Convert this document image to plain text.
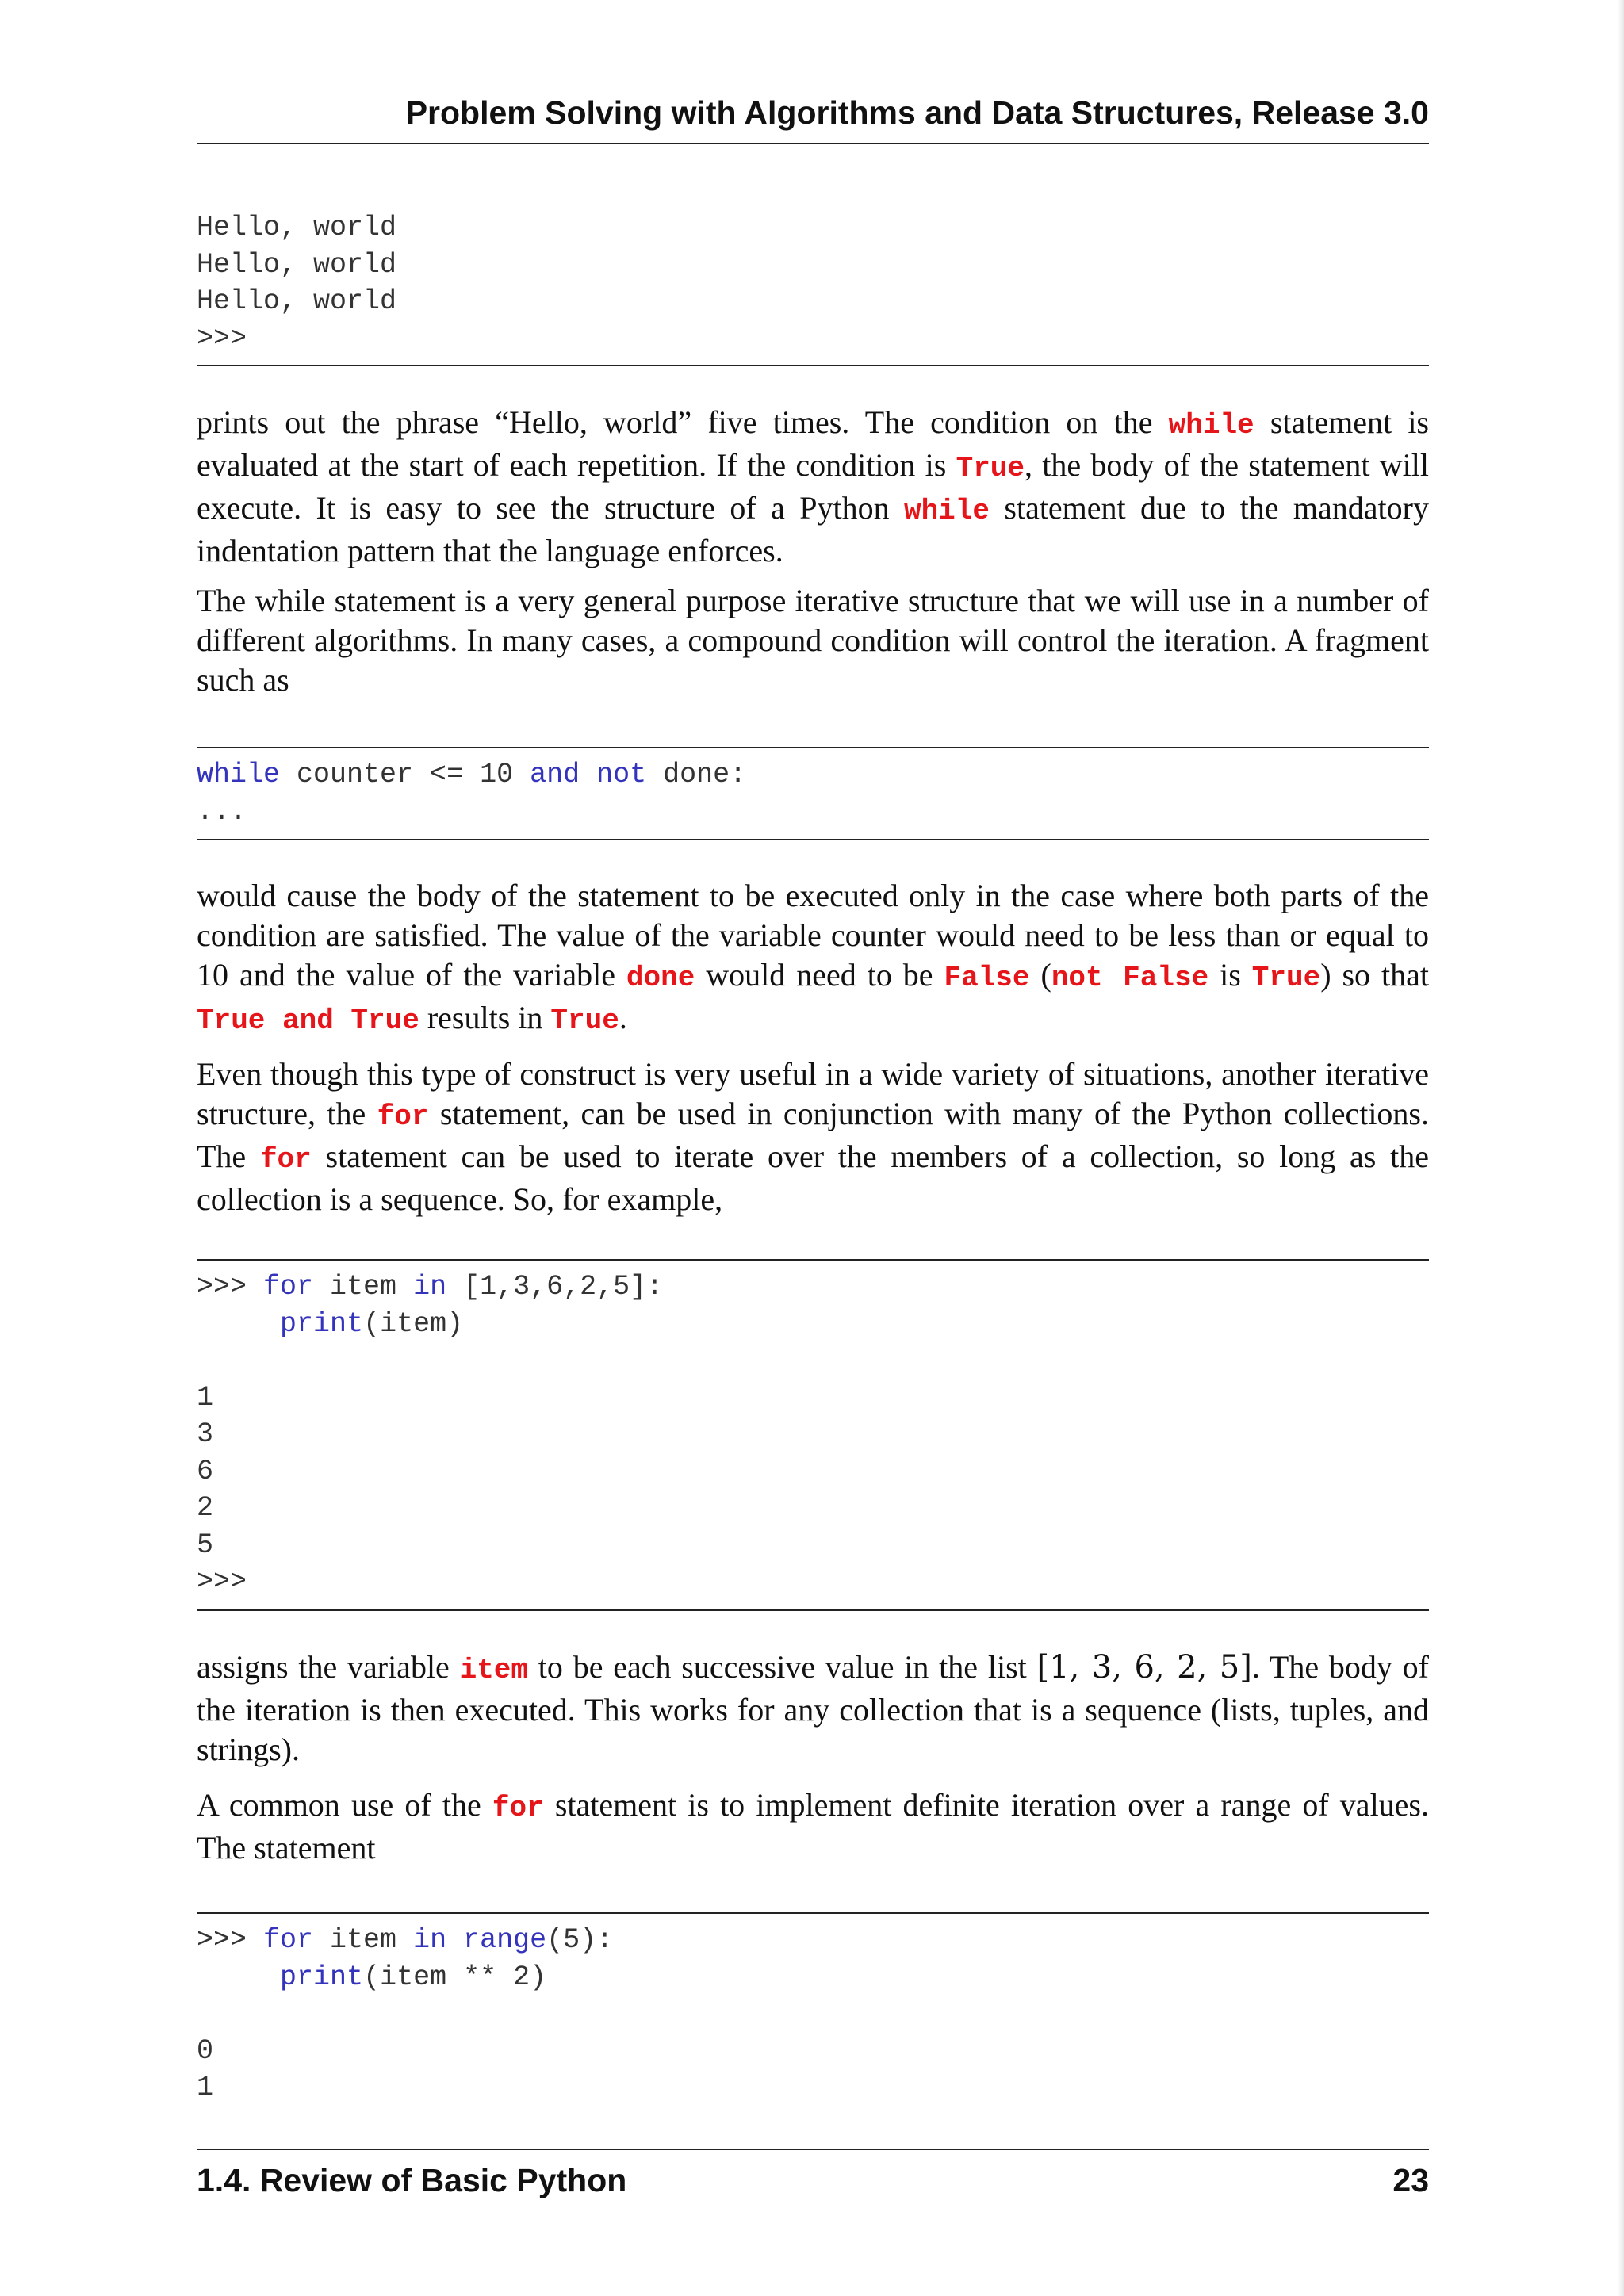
Problem Solving with Algorithms and Data Structures, Release 3.0
Hello, world
Hello, world
Hello, world
>>>

prints out the phrase “Hello, world” five times. The condition on the while statement is evaluated at the start of each repetition. If the condition is True, the body of the statement will execute. It is easy to see the structure of a Python while statement due to the mandatory indentation pattern that the language enforces.

The while statement is a very general purpose iterative structure that we will use in a number of different algorithms. In many cases, a compound condition will control the iteration. A fragment such as

while counter <= 10 and not done:
...

would cause the body of the statement to be executed only in the case where both parts of the condition are satisfied. The value of the variable counter would need to be less than or equal to 10 and the value of the variable done would need to be False (not False is True) so that True and True results in True.

Even though this type of construct is very useful in a wide variety of situations, another iterative structure, the for statement, can be used in conjunction with many of the Python collections. The for statement can be used to iterate over the members of a collection, so long as the collection is a sequence. So, for example,

>>> for item in [1,3,6,2,5]:
print(item)

1
3
6
2
5
>>>

assigns the variable item to be each successive value in the list [1, 3, 6, 2, 5]. The body of the iteration is then executed. This works for any collection that is a sequence (lists, tuples, and strings).

A common use of the for statement is to implement definite iteration over a range of values. The statement

>>> for item in range(5):
print(item ** 2)

0
1
1.4. Review of Basic Python	23
